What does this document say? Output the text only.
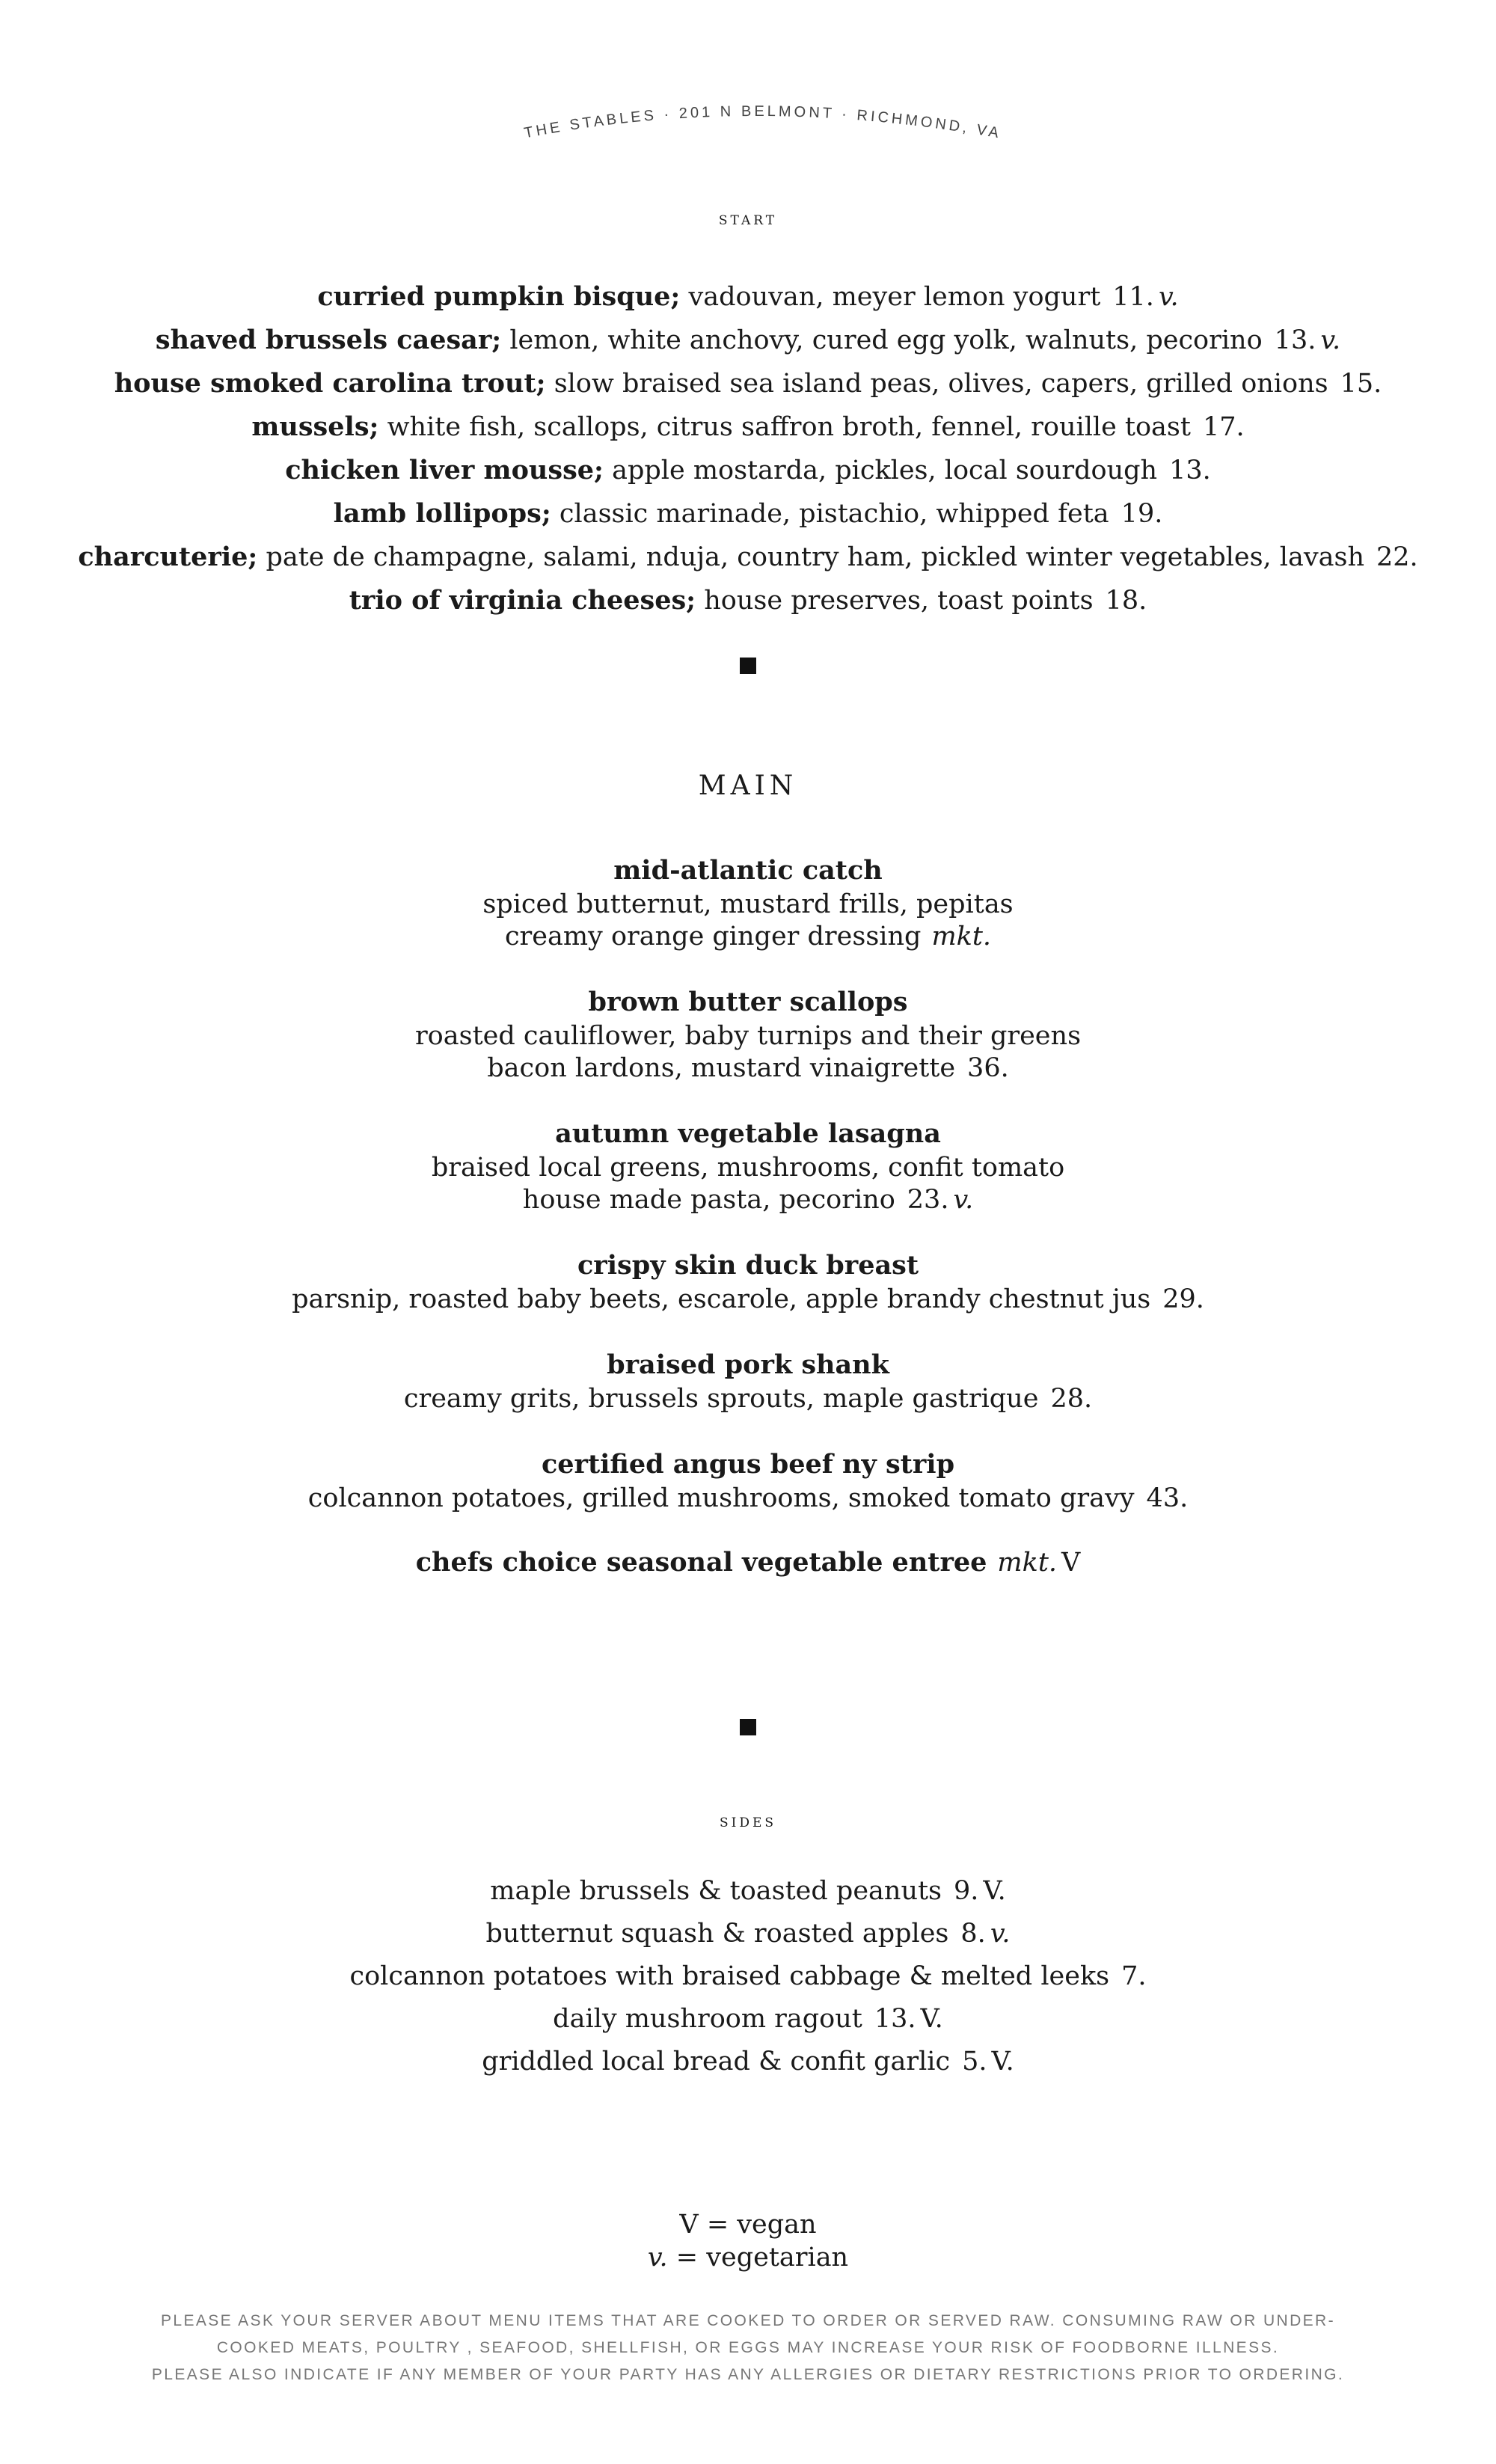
THE STABLES · 201 N BELMONT · RICHMOND, VA
start
curried pumpkin bisque; vadouvan, meyer lemon yogurt 11. v.
shaved brussels caesar; lemon, white anchovy, cured egg yolk, walnuts, pecorino 13. v.
house smoked carolina trout; slow braised sea island peas, olives, capers, grilled onions 15.
mussels; white fish, scallops, citrus saffron broth, fennel, rouille toast 17.
chicken liver mousse; apple mostarda, pickles, local sourdough 13.
lamb lollipops; classic marinade, pistachio, whipped feta 19.
charcuterie; pate de champagne, salami, nduja, country ham, pickled winter vegetables, lavash 22.
trio of virginia cheeses; house preserves, toast points 18.
MAIN
mid-atlantic catch
spiced butternut, mustard frills, pepitas
creamy orange ginger dressing mkt.
brown butter scallops
roasted cauliflower, baby turnips and their greens
bacon lardons, mustard vinaigrette 36.
autumn vegetable lasagna
braised local greens, mushrooms, confit tomato
house made pasta, pecorino 23. v.
crispy skin duck breast
parsnip, roasted baby beets, escarole, apple brandy chestnut jus 29.
braised pork shank
creamy grits, brussels sprouts, maple gastrique 28.
certified angus beef ny strip
colcannon potatoes, grilled mushrooms, smoked tomato gravy 43.
chefs choice seasonal vegetable entree mkt. V
sides
maple brussels & toasted peanuts 9. V.
butternut squash & roasted apples 8. v.
colcannon potatoes with braised cabbage & melted leeks 7.
daily mushroom ragout 13. V.
griddled local bread & confit garlic 5. V.
V = vegan
v. = vegetarian
PLEASE ASK YOUR SERVER ABOUT MENU ITEMS THAT ARE COOKED TO ORDER OR SERVED RAW. CONSUMING RAW OR UNDER-
COOKED MEATS, POULTRY , SEAFOOD, SHELLFISH, OR EGGS MAY INCREASE YOUR RISK OF FOODBORNE ILLNESS.
PLEASE ALSO INDICATE IF ANY MEMBER OF YOUR PARTY HAS ANY ALLERGIES OR DIETARY RESTRICTIONS PRIOR TO ORDERING.
